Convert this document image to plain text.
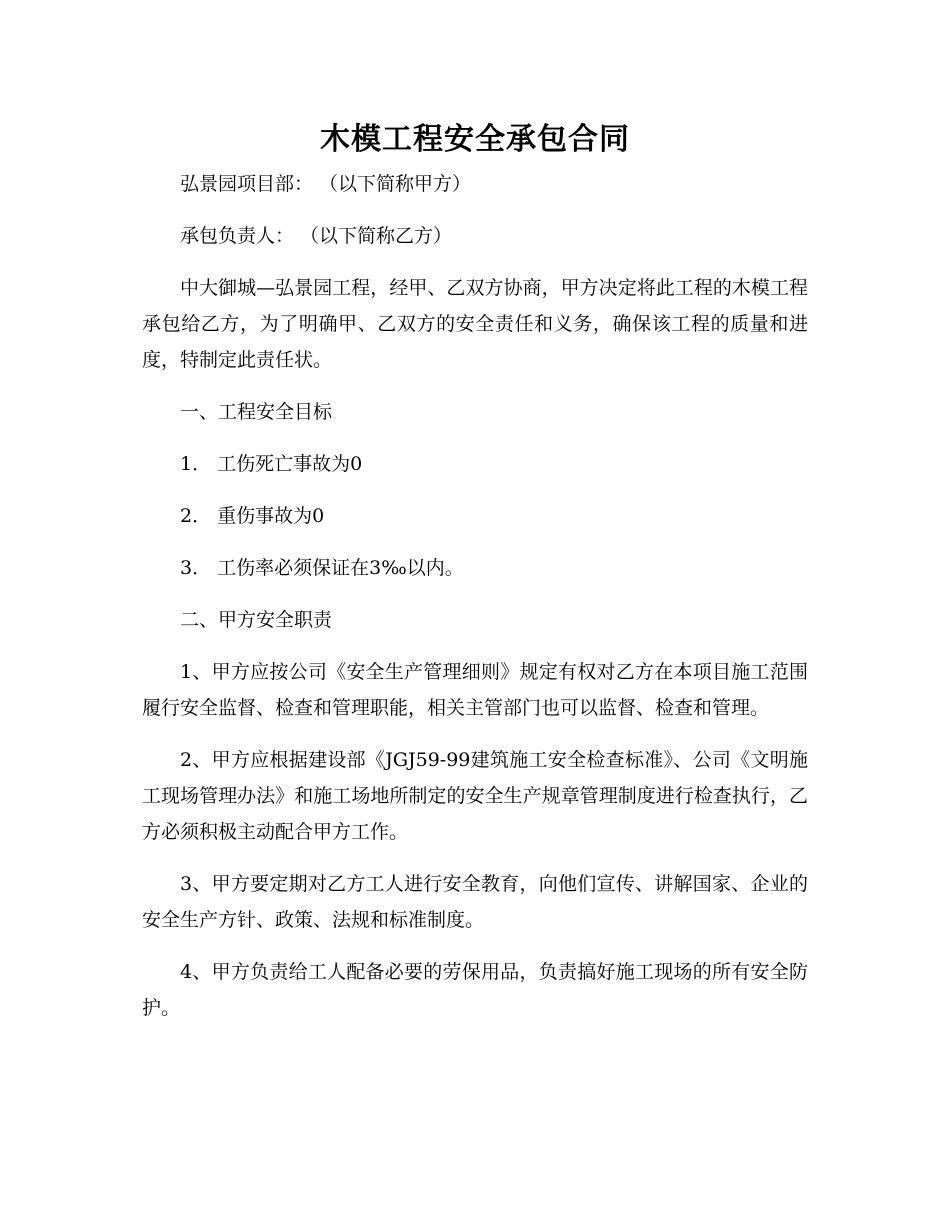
木模工程安全承包合同

弘景园项目部： （以下简称甲方）

承包负责人： （以下简称乙方）

中大御城—弘景园工程，经甲、乙双方协商，甲方决定将此工程的木模工程承包给乙方，为了明确甲、乙双方的安全责任和义务，确保该工程的质量和进度，特制定此责任状。

一、工程安全目标

1． 工伤死亡事故为0

2． 重伤事故为0

3． 工伤率必须保证在3‰以内。

二、甲方安全职责

1、甲方应按公司《安全生产管理细则》规定有权对乙方在本项目施工范围履行安全监督、检查和管理职能，相关主管部门也可以监督、检查和管理。

2、甲方应根据建设部《JGJ59-99建筑施工安全检查标准》、公司《文明施工现场管理办法》和施工场地所制定的安全生产规章管理制度进行检查执行，乙方必须积极主动配合甲方工作。

3、甲方要定期对乙方工人进行安全教育，向他们宣传、讲解国家、企业的安全生产方针、政策、法规和标准制度。

4、甲方负责给工人配备必要的劳保用品，负责搞好施工现场的所有安全防护。
